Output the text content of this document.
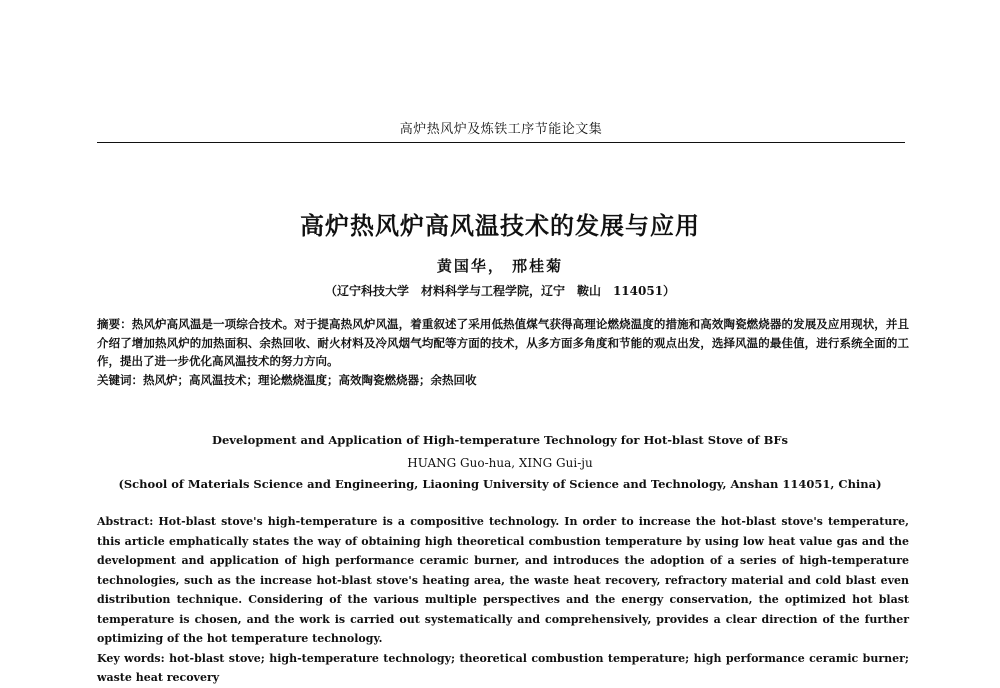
高炉热风炉及炼铁工序节能论文集
高炉热风炉高风温技术的发展与应用
黄国华， 邢桂菊
（辽宁科技大学　材料科学与工程学院，辽宁　鞍山　114051）
摘要：热风炉高风温是一项综合技术。对于提高热风炉风温，着重叙述了采用低热值煤气获得高理论燃烧温度的措施和高效陶瓷燃烧器的发展及应用现状，并且介绍了增加热风炉的加热面积、余热回收、耐火材料及冷风烟气均配等方面的技术，从多方面多角度和节能的观点出发，选择风温的最佳值，进行系统全面的工作，提出了进一步优化高风温技术的努力方向。
关键词：热风炉；高风温技术；理论燃烧温度；高效陶瓷燃烧器；余热回收
Development and Application of High-temperature Technology for Hot-blast Stove of BFs
HUANG Guo-hua, XING Gui-ju
(School of Materials Science and Engineering, Liaoning University of Science and Technology, Anshan 114051, China)
Abstract: Hot-blast stove's high-temperature is a compositive technology. In order to increase the hot-blast stove's temperature, this article emphatically states the way of obtaining high theoretical combustion temperature by using low heat value gas and the development and application of high performance ceramic burner, and introduces the adoption of a series of high-temperature technologies, such as the increase hot-blast stove's heating area, the waste heat recovery, refractory material and cold blast even distribution technique. Considering of the various multiple perspectives and the energy conservation, the optimized hot blast temperature is chosen, and the work is carried out systematically and comprehensively, provides a clear direction of the further optimizing of the hot temperature technology.
Key words: hot-blast stove; high-temperature technology; theoretical combustion temperature; high performance ceramic burner; waste heat recovery
